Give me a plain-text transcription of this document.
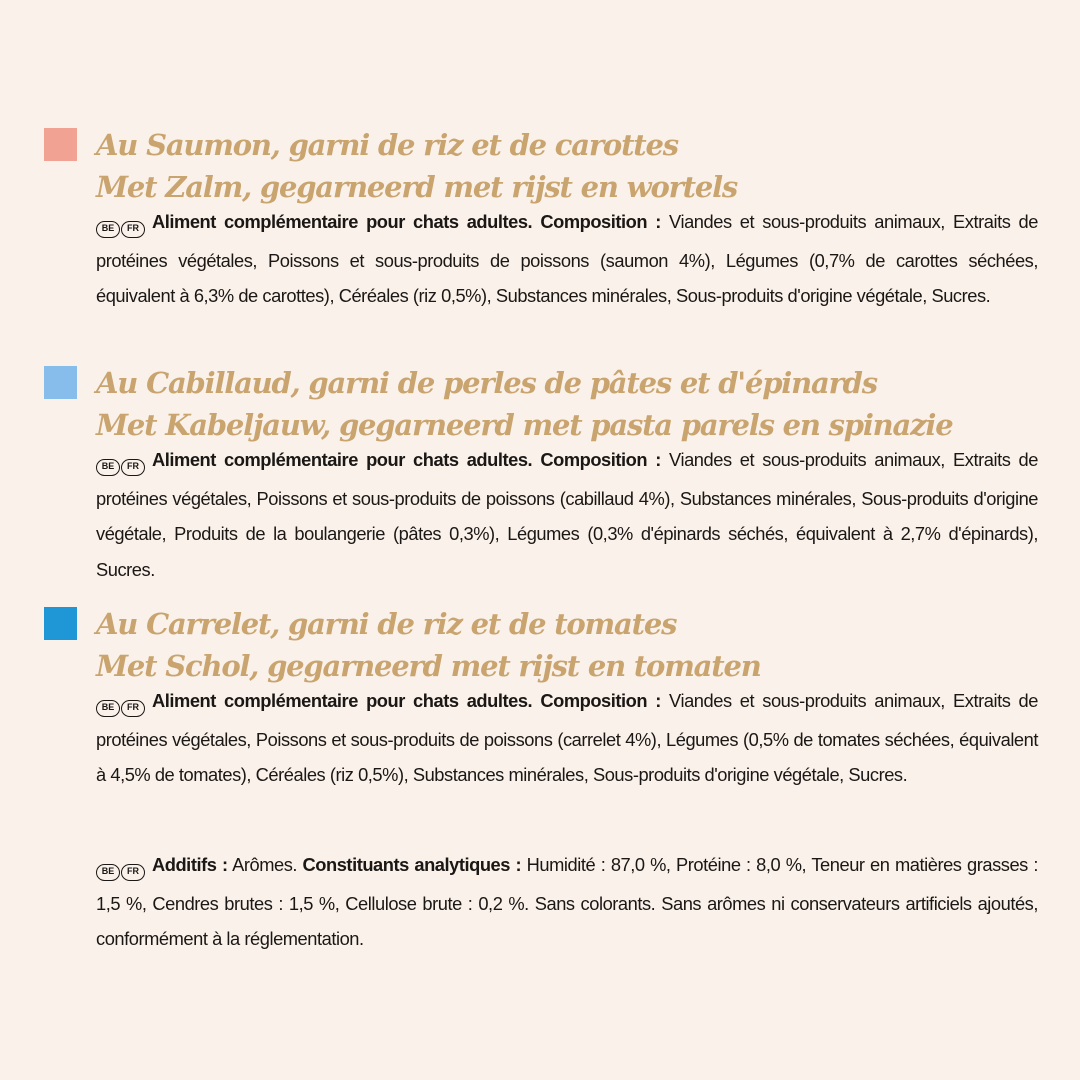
Au Saumon, garni de riz et de carottes
Met Zalm, gegarneerd met rijst en wortels

BE FR Aliment complémentaire pour chats adultes. Composition : Viandes et sous-produits animaux, Extraits de protéines végétales, Poissons et sous-produits de poissons (saumon 4%), Légumes (0,7% de carottes séchées, équivalent à 6,3% de carottes), Céréales (riz 0,5%), Substances minérales, Sous-produits d'origine végétale, Sucres.

Au Cabillaud, garni de perles de pâtes et d'épinards
Met Kabeljauw, gegarneerd met pasta parels en spinazie

BE FR Aliment complémentaire pour chats adultes. Composition : Viandes et sous-produits animaux, Extraits de protéines végétales, Poissons et sous-produits de poissons (cabillaud 4%), Substances minérales, Sous-produits d'origine végétale, Produits de la boulangerie (pâtes 0,3%), Légumes (0,3% d'épinards séchés, équivalent à 2,7% d'épinards), Sucres.

Au Carrelet, garni de riz et de tomates
Met Schol, gegarneerd met rijst en tomaten

BE FR Aliment complémentaire pour chats adultes. Composition : Viandes et sous-produits animaux, Extraits de protéines végétales, Poissons et sous-produits de poissons (carrelet 4%), Légumes (0,5% de tomates séchées, équivalent à 4,5% de tomates), Céréales (riz 0,5%), Substances minérales, Sous-produits d'origine végétale, Sucres.

BE FR Additifs : Arômes. Constituants analytiques : Humidité : 87,0 %, Protéine : 8,0 %, Teneur en matières grasses : 1,5 %, Cendres brutes : 1,5 %, Cellulose brute : 0,2 %. Sans colorants. Sans arômes ni conservateurs artificiels ajoutés, conformément à la réglementation.
